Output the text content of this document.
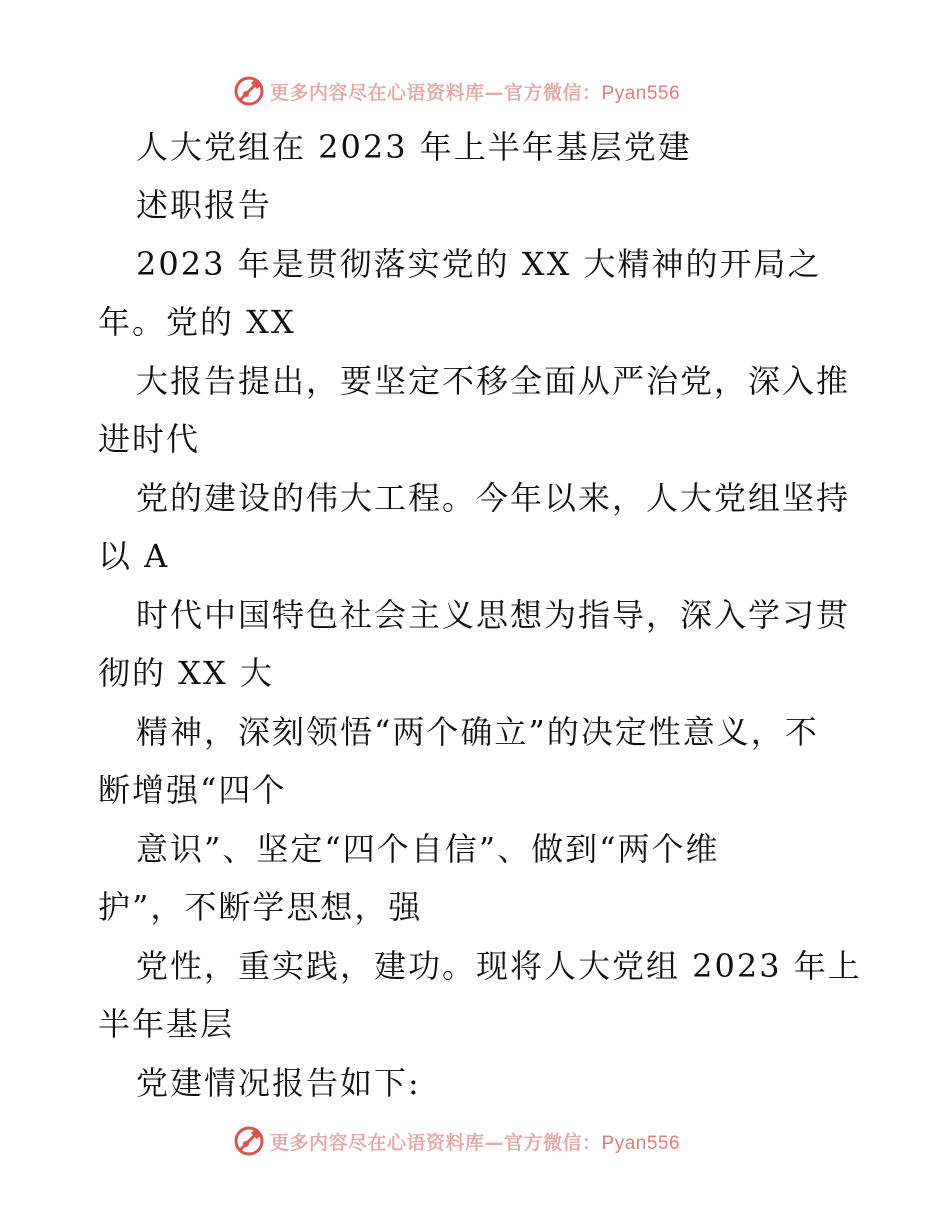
更多内容尽在心语资料库—官方微信：Pyan556
人大党组在 2023 年上半年基层党建
述职报告
2023 年是贯彻落实党的 XX 大精神的开局之
年。党的 XX
大报告提出，要坚定不移全面从严治党，深入推
进时代
党的建设的伟大工程。今年以来，人大党组坚持
以 A
时代中国特色社会主义思想为指导，深入学习贯
彻的 XX 大
精神，深刻领悟“两个确立”的决定性意义，不
断增强“四个
意识”、坚定“四个自信”、做到“两个维
护”，不断学思想，强
党性，重实践，建功。现将人大党组 2023 年上
半年基层
党建情况报告如下:
更多内容尽在心语资料库—官方微信：Pyan556
